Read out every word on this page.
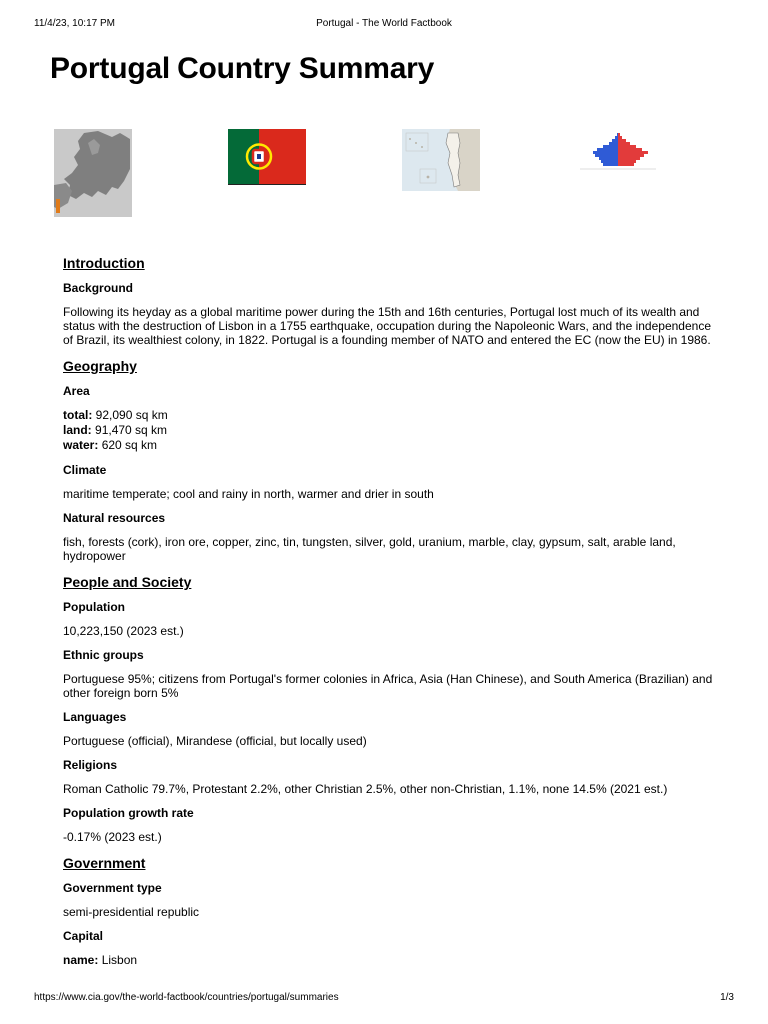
11/4/23, 10:17 PM	Portugal - The World Factbook
Portugal Country Summary
Introduction
Background
Following its heyday as a global maritime power during the 15th and 16th centuries, Portugal lost much of its wealth and status with the destruction of Lisbon in a 1755 earthquake, occupation during the Napoleonic Wars, and the independence of Brazil, its wealthiest colony, in 1822. Portugal is a founding member of NATO and entered the EC (now the EU) in 1986.
Geography
Area
total: 92,090 sq km
land: 91,470 sq km
water: 620 sq km
Climate
maritime temperate; cool and rainy in north, warmer and drier in south
Natural resources
fish, forests (cork), iron ore, copper, zinc, tin, tungsten, silver, gold, uranium, marble, clay, gypsum, salt, arable land, hydropower
People and Society
Population
10,223,150 (2023 est.)
Ethnic groups
Portuguese 95%; citizens from Portugal's former colonies in Africa, Asia (Han Chinese), and South America (Brazilian) and other foreign born 5%
Languages
Portuguese (official), Mirandese (official, but locally used)
Religions
Roman Catholic 79.7%, Protestant 2.2%, other Christian 2.5%, other non-Christian, 1.1%, none 14.5% (2021 est.)
Population growth rate
-0.17% (2023 est.)
Government
Government type
semi-presidential republic
Capital
name: Lisbon
https://www.cia.gov/the-world-factbook/countries/portugal/summaries	1/3
